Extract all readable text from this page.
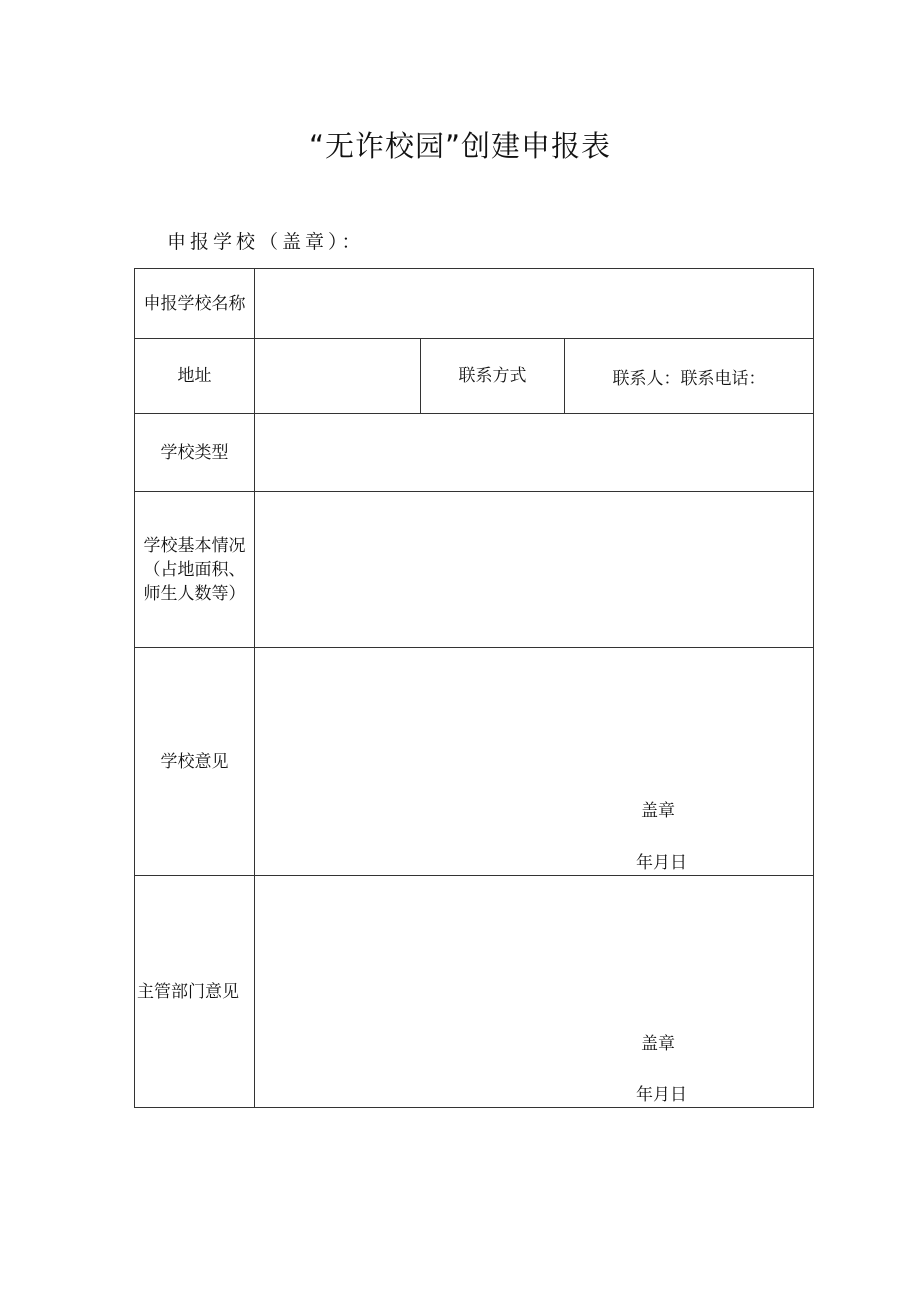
“无诈校园”创建申报表
申报学校（盖章）：
申报学校名称			
地址		联系方式	联系人：联系电话：
学校类型			

学校基本情况
（占地面积、
师生人数等）			

学校意见	盖章
年月日		

主管部门意见	盖章
年月日		
